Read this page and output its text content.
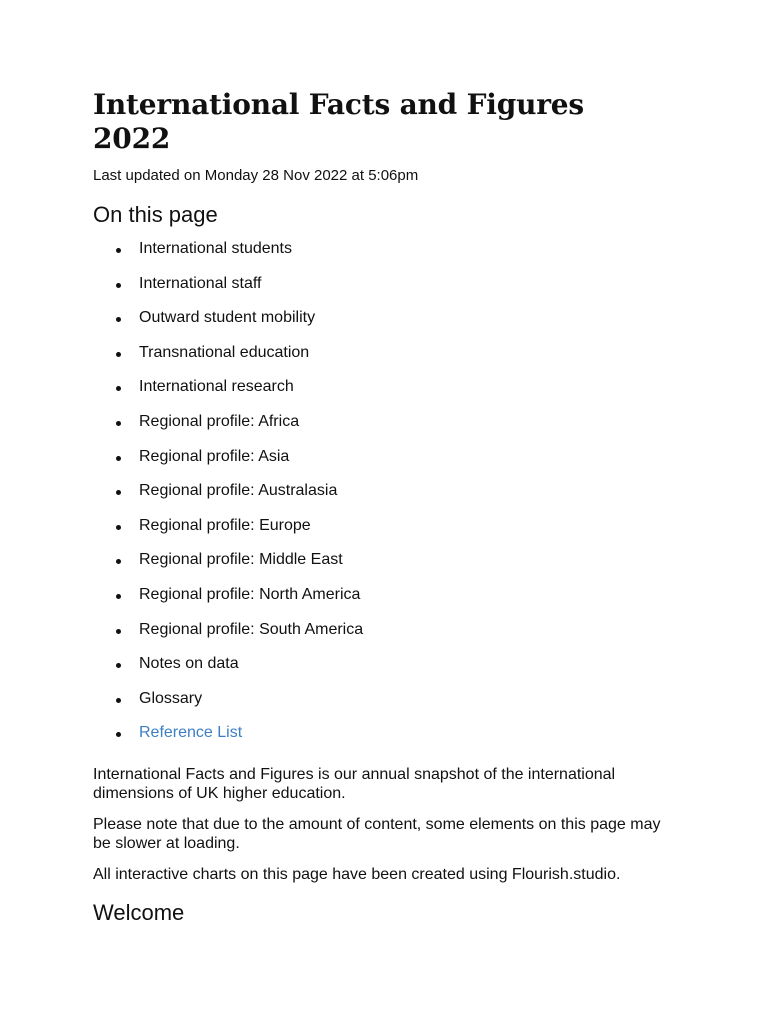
International Facts and Figures 2022

Last updated on Monday 28 Nov 2022 at 5:06pm

On this page
International students
International staff
Outward student mobility
Transnational education
International research
Regional profile: Africa
Regional profile: Asia
Regional profile: Australasia
Regional profile: Europe
Regional profile: Middle East
Regional profile: North America
Regional profile: South America
Notes on data
Glossary
Reference List

International Facts and Figures is our annual snapshot of the international dimensions of UK higher education.

Please note that due to the amount of content, some elements on this page may be slower at loading.

All interactive charts on this page have been created using Flourish.studio.

Welcome
